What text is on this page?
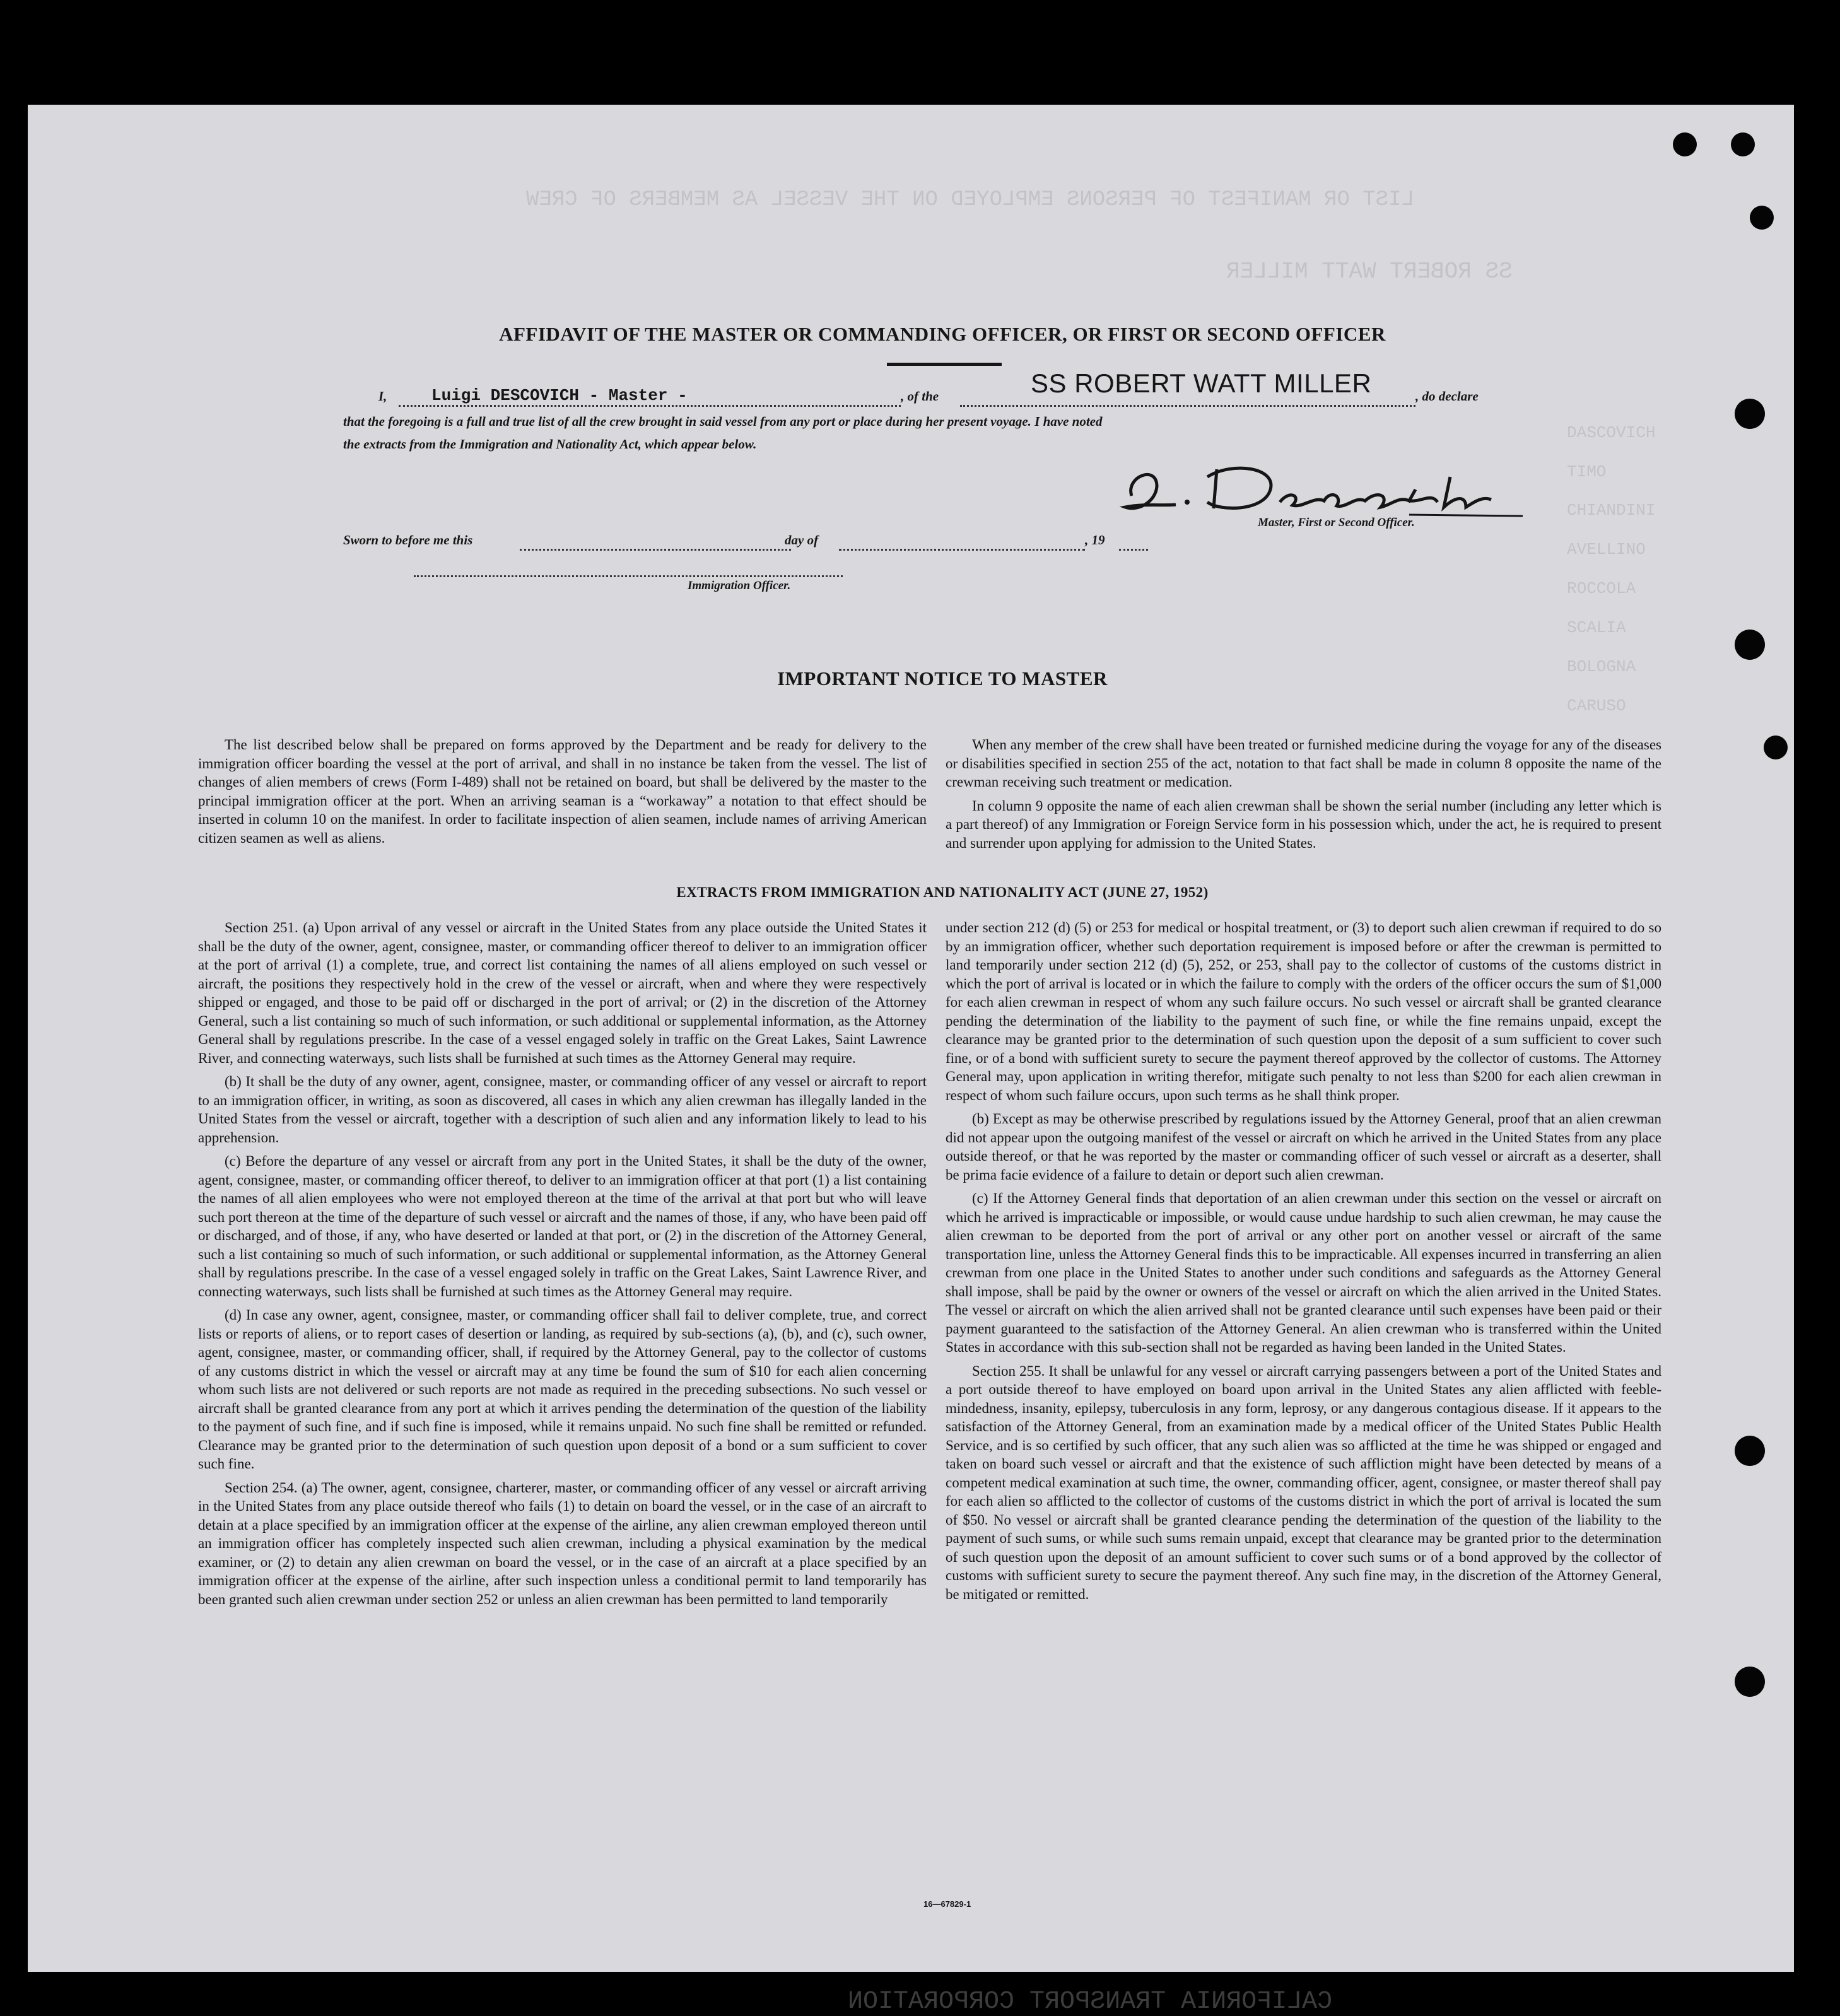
LIST OR MANIFEST OF PERSONS EMPLOYED ON THE VESSEL AS MEMBERS OF CREW
SS ROBERT WATT MILLER
CALIFORNIA TRANSPORT CORPORATION
DASCOVICH
TIMO
CHIANDINI
AVELLINO
ROCCOLA
SCALIA
BOLOGNA
CARUSO
AFFIDAVIT OF THE MASTER OR COMMANDING OFFICER, OR FIRST OR SECOND OFFICER
I,	Luigi DESCOVICH - Master -	, of the	SS ROBERT WATT MILLER	, do declare
that the foregoing is a full and true list of all the crew brought in said vessel from any port or place during her present voyage. I have noted
the extracts from the Immigration and Nationality Act, which appear below.
Master, First or Second Officer.
Sworn to before me this	day of	, 19
Immigration Officer.
IMPORTANT NOTICE TO MASTER

The list described below shall be prepared on forms approved by the Department and be ready for delivery to the immigration officer boarding the vessel at the port of arrival, and shall in no instance be taken from the vessel. The list of changes of alien members of crews (Form I-489) shall not be retained on board, but shall be delivered by the master to the principal immigration officer at the port. When an arriving seaman is a “workaway” a notation to that effect should be inserted in column 10 on the manifest. In order to facilitate inspection of alien seamen, include names of arriving American citizen seamen as well as aliens.

When any member of the crew shall have been treated or furnished medicine during the voyage for any of the diseases or disabilities specified in section 255 of the act, notation to that fact shall be made in column 8 opposite the name of the crewman receiving such treatment or medication.

In column 9 opposite the name of each alien crewman shall be shown the serial number (including any letter which is a part thereof) of any Immigration or Foreign Service form in his possession which, under the act, he is required to present and surrender upon applying for admission to the United States.

EXTRACTS FROM IMMIGRATION AND NATIONALITY ACT (JUNE 27, 1952)

Section 251. (a) Upon arrival of any vessel or aircraft in the United States from any place outside the United States it shall be the duty of the owner, agent, consignee, master, or commanding officer thereof to deliver to an immigration officer at the port of arrival (1) a complete, true, and correct list containing the names of all aliens employed on such vessel or aircraft, the positions they respectively hold in the crew of the vessel or aircraft, when and where they were respectively shipped or engaged, and those to be paid off or discharged in the port of arrival; or (2) in the discretion of the Attorney General, such a list containing so much of such information, or such additional or supplemental information, as the Attorney General shall by regulations prescribe. In the case of a vessel engaged solely in traffic on the Great Lakes, Saint Lawrence River, and connecting waterways, such lists shall be furnished at such times as the Attorney General may require.

(b) It shall be the duty of any owner, agent, consignee, master, or commanding officer of any vessel or aircraft to report to an immigration officer, in writing, as soon as discovered, all cases in which any alien crewman has illegally landed in the United States from the vessel or aircraft, together with a description of such alien and any information likely to lead to his apprehension.

(c) Before the departure of any vessel or aircraft from any port in the United States, it shall be the duty of the owner, agent, consignee, master, or commanding officer thereof, to deliver to an immigration officer at that port (1) a list containing the names of all alien employees who were not employed thereon at the time of the arrival at that port but who will leave such port thereon at the time of the departure of such vessel or aircraft and the names of those, if any, who have been paid off or discharged, and of those, if any, who have deserted or landed at that port, or (2) in the discretion of the Attorney General, such a list containing so much of such information, or such additional or supplemental information, as the Attorney General shall by regulations prescribe. In the case of a vessel engaged solely in traffic on the Great Lakes, Saint Lawrence River, and connecting waterways, such lists shall be furnished at such times as the Attorney General may require.

(d) In case any owner, agent, consignee, master, or commanding officer shall fail to deliver complete, true, and correct lists or reports of aliens, or to report cases of desertion or landing, as required by sub-sections (a), (b), and (c), such owner, agent, consignee, master, or commanding officer, shall, if required by the Attorney General, pay to the collector of customs of any customs district in which the vessel or aircraft may at any time be found the sum of $10 for each alien concerning whom such lists are not delivered or such reports are not made as required in the preceding subsections. No such vessel or aircraft shall be granted clearance from any port at which it arrives pending the determination of the question of the liability to the payment of such fine, and if such fine is imposed, while it remains unpaid. No such fine shall be remitted or refunded. Clearance may be granted prior to the determination of such question upon deposit of a bond or a sum sufficient to cover such fine.

Section 254. (a) The owner, agent, consignee, charterer, master, or commanding officer of any vessel or aircraft arriving in the United States from any place outside thereof who fails (1) to detain on board the vessel, or in the case of an aircraft to detain at a place specified by an immigration officer at the expense of the airline, any alien crewman employed thereon until an immigration officer has completely inspected such alien crewman, including a physical examination by the medical examiner, or (2) to detain any alien crewman on board the vessel, or in the case of an aircraft at a place specified by an immigration officer at the expense of the airline, after such inspection unless a conditional permit to land temporarily has been granted such alien crewman under section 252 or unless an alien crewman has been permitted to land temporarily

under section 212 (d) (5) or 253 for medical or hospital treatment, or (3) to deport such alien crewman if required to do so by an immigration officer, whether such deportation requirement is imposed before or after the crewman is permitted to land temporarily under section 212 (d) (5), 252, or 253, shall pay to the collector of customs of the customs district in which the port of arrival is located or in which the failure to comply with the orders of the officer occurs the sum of $1,000 for each alien crewman in respect of whom any such failure occurs. No such vessel or aircraft shall be granted clearance pending the determination of the liability to the payment of such fine, or while the fine remains unpaid, except the clearance may be granted prior to the determination of such question upon the deposit of a sum sufficient to cover such fine, or of a bond with sufficient surety to secure the payment thereof approved by the collector of customs. The Attorney General may, upon application in writing therefor, mitigate such penalty to not less than $200 for each alien crewman in respect of whom such failure occurs, upon such terms as he shall think proper.

(b) Except as may be otherwise prescribed by regulations issued by the Attorney General, proof that an alien crewman did not appear upon the outgoing manifest of the vessel or aircraft on which he arrived in the United States from any place outside thereof, or that he was reported by the master or commanding officer of such vessel or aircraft as a deserter, shall be prima facie evidence of a failure to detain or deport such alien crewman.

(c) If the Attorney General finds that deportation of an alien crewman under this section on the vessel or aircraft on which he arrived is impracticable or impossible, or would cause undue hardship to such alien crewman, he may cause the alien crewman to be deported from the port of arrival or any other port on another vessel or aircraft of the same transportation line, unless the Attorney General finds this to be impracticable. All expenses incurred in transferring an alien crewman from one place in the United States to another under such conditions and safeguards as the Attorney General shall impose, shall be paid by the owner or owners of the vessel or aircraft on which the alien arrived in the United States. The vessel or aircraft on which the alien arrived shall not be granted clearance until such expenses have been paid or their payment guaranteed to the satisfaction of the Attorney General. An alien crewman who is transferred within the United States in accordance with this sub-section shall not be regarded as having been landed in the United States.

Section 255. It shall be unlawful for any vessel or aircraft carrying passengers between a port of the United States and a port outside thereof to have employed on board upon arrival in the United States any alien afflicted with feeble-mindedness, insanity, epilepsy, tuberculosis in any form, leprosy, or any dangerous contagious disease. If it appears to the satisfaction of the Attorney General, from an examination made by a medical officer of the United States Public Health Service, and is so certified by such officer, that any such alien was so afflicted at the time he was shipped or engaged and taken on board such vessel or aircraft and that the existence of such affliction might have been detected by means of a competent medical examination at such time, the owner, commanding officer, agent, consignee, or master thereof shall pay for each alien so afflicted to the collector of customs of the customs district in which the port of arrival is located the sum of $50. No vessel or aircraft shall be granted clearance pending the determination of the question of the liability to the payment of such sums, or while such sums remain unpaid, except that clearance may be granted prior to the determination of such question upon the deposit of an amount sufficient to cover such sums or of a bond approved by the collector of customs with sufficient surety to secure the payment thereof. Any such fine may, in the discretion of the Attorney General, be mitigated or remitted.

16—67829-1
